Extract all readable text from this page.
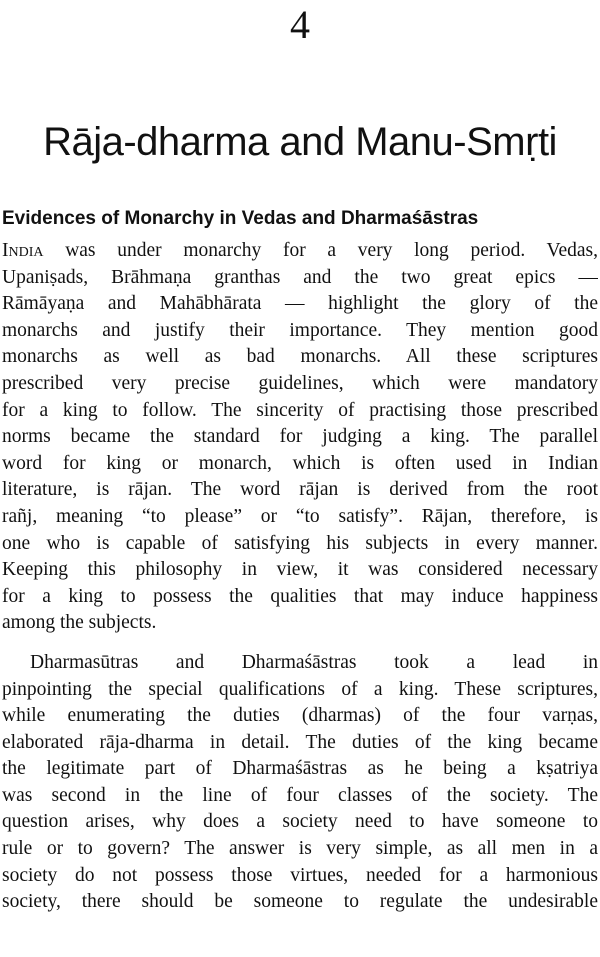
4
Rāja-dharma and Manu-Smṛti
Evidences of Monarchy in Vedas and Dharmaśāstras
India was under monarchy for a very long period. Vedas,
Upaniṣads, Brāhmaṇa granthas and the two great epics —
Rāmāyaṇa and Mahābhārata — highlight the glory of the
monarchs and justify their importance. They mention good
monarchs as well as bad monarchs. All these scriptures
prescribed very precise guidelines, which were mandatory
for a king to follow. The sincerity of practising those prescribed
norms became the standard for judging a king. The parallel
word for king or monarch, which is often used in Indian
literature, is rājan. The word rājan is derived from the root
rañj, meaning “to please” or “to satisfy”. Rājan, therefore, is
one who is capable of satisfying his subjects in every manner.
Keeping this philosophy in view, it was considered necessary
for a king to possess the qualities that may induce happiness
among the subjects.
Dharmasūtras and Dharmaśāstras took a lead in
pinpointing the special qualifications of a king. These scriptures,
while enumerating the duties (dharmas) of the four varṇas,
elaborated rāja-dharma in detail. The duties of the king became
the legitimate part of Dharmaśāstras as he being a kṣatriya
was second in the line of four classes of the society. The
question arises, why does a society need to have someone to
rule or to govern? The answer is very simple, as all men in a
society do not possess those virtues, needed for a harmonious
society, there should be someone to regulate the undesirable
